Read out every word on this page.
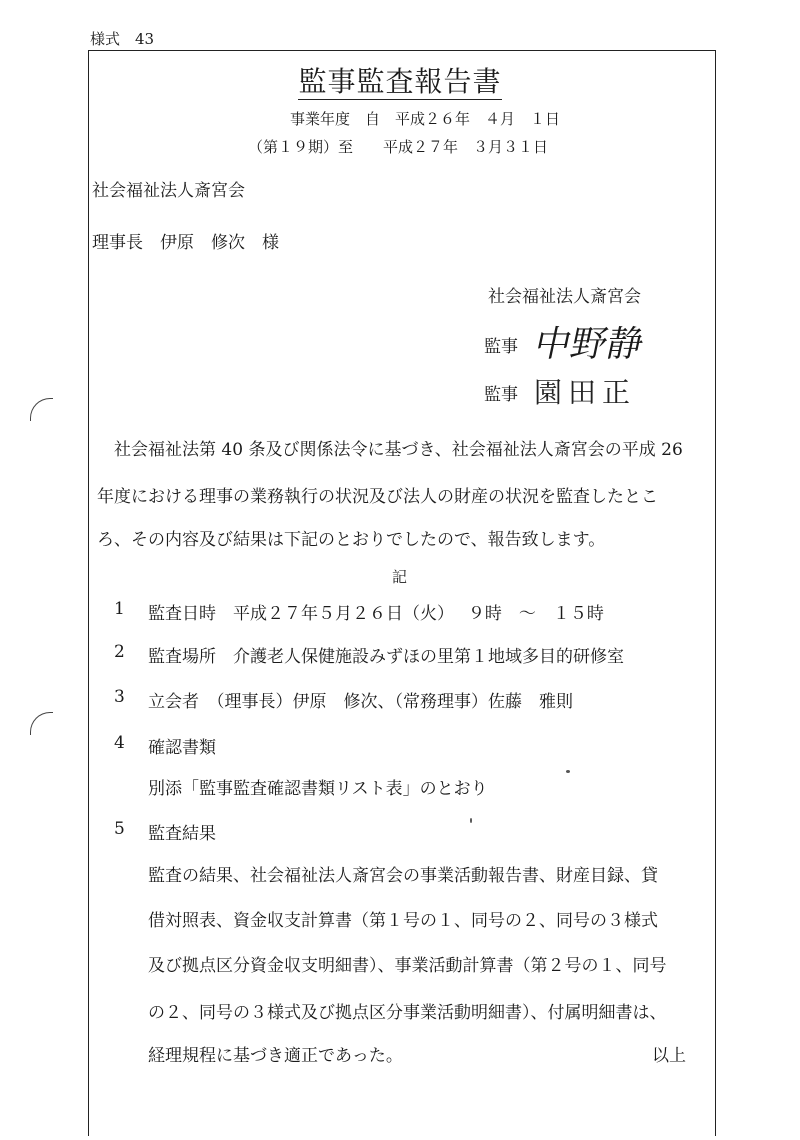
様式　43
監事監査報告書
事業年度　自　平成２６年　４月　１日
（第１９期）至　　平成２７年　３月３１日
社会福祉法人斎宮会
理事長　伊原　修次　様
社会福祉法人斎宮会
監事 中野静
監事 園田正
社会福祉法第 40 条及び関係法令に基づき、社会福祉法人斎宮会の平成 26
年度における理事の業務執行の状況及び法人の財産の状況を監査したとこ
ろ、その内容及び結果は下記のとおりでしたので、報告致します。
記
1 監査日時　平成２７年５月２６日（火）　 ９時　～　１５時
2 監査場所　介護老人保健施設みずほの里第１地域多目的研修室
3 立会者　（理事長）伊原　修次、（常務理事）佐藤　雅則
4 確認書類
別添「監事監査確認書類リスト表」のとおり
5 監査結果
監査の結果、社会福祉法人斎宮会の事業活動報告書、財産目録、貸
借対照表、資金収支計算書（第１号の１、同号の２、同号の３様式
及び拠点区分資金収支明細書）、事業活動計算書（第２号の１、同号
の２、同号の３様式及び拠点区分事業活動明細書）、付属明細書は、
経理規程に基づき適正であった。	以上
